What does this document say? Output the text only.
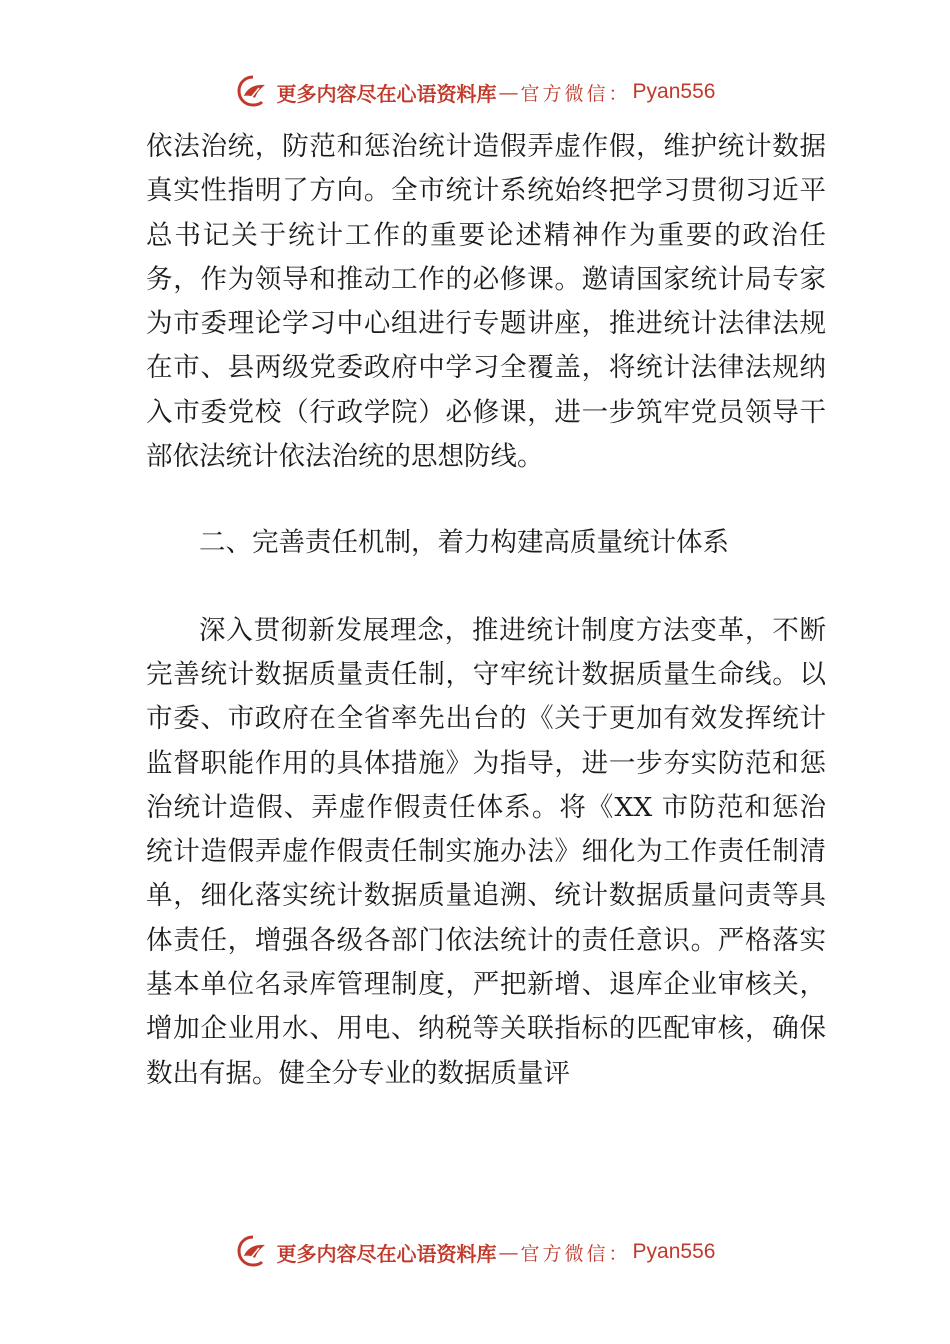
更多内容尽在心语资料库 — 官方微信： Pyan556

依法治统，防范和惩治统计造假弄虚作假，维护统计数据真实性指明了方向。全市统计系统始终把学习贯彻习近平总书记关于统计工作的重要论述精神作为重要的政治任务，作为领导和推动工作的必修课。邀请国家统计局专家为市委理论学习中心组进行专题讲座，推进统计法律法规在市、县两级党委政府中学习全覆盖，将统计法律法规纳入市委党校（行政学院）必修课，进一步筑牢党员领导干部依法统计依法治统的思想防线。

二、完善责任机制，着力构建高质量统计体系

深入贯彻新发展理念，推进统计制度方法变革，不断完善统计数据质量责任制，守牢统计数据质量生命线。以市委、市政府在全省率先出台的《关于更加有效发挥统计监督职能作用的具体措施》为指导，进一步夯实防范和惩治统计造假、弄虚作假责任体系。将《XX 市防范和惩治统计造假弄虚作假责任制实施办法》细化为工作责任制清单，细化落实统计数据质量追溯、统计数据质量问责等具体责任，增强各级各部门依法统计的责任意识。严格落实基本单位名录库管理制度，严把新增、退库企业审核关，增加企业用水、用电、纳税等关联指标的匹配审核，确保数出有据。健全分专业的数据质量评

更多内容尽在心语资料库 — 官方微信： Pyan556
